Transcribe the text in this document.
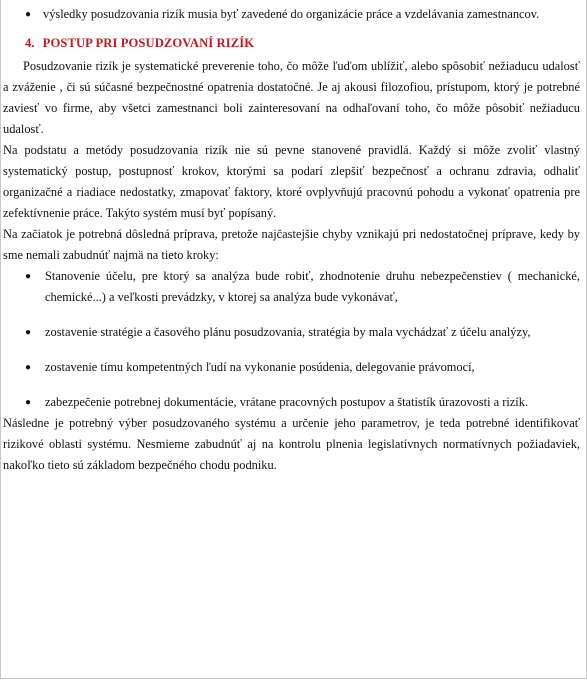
● výsledky posudzovania rizík musia byť zavedené do organizácie práce a vzdelávania zamestnancov.
4. POSTUP PRI POSUDZOVANÍ RIZÍK

Posudzovanie rizík je systematické preverenie toho, čo môže ľuďom ublížiť, alebo spôsobiť nežiaducu udalosť a zváženie , či sú súčasné bezpečnostné opatrenia dostatočné. Je aj akousi filozofiou, prístupom, ktorý je potrebné zaviesť vo firme, aby všetci zamestnanci boli zainteresovaní na odhaľovaní toho, čo môže pôsobiť nežiaducu udalosť.

Na podstatu a metódy posudzovania rizík nie sú pevne stanovené pravidlá. Každý si môže zvoliť vlastný systematický postup, postupnosť krokov, ktorými sa podarí zlepšiť bezpečnosť a ochranu zdravia, odhaliť organizačné a riadiace nedostatky, zmapovať faktory, ktoré ovplyvňujú pracovnú pohodu a vykonať opatrenia pre zefektívnenie práce. Takýto systém musí byť popísaný.

Na začiatok je potrebná dôsledná príprava, pretože najčastejšie chyby vznikajú pri nedostatočnej príprave, kedy by sme nemali zabudnúť najmä na tieto kroky:

● Stanovenie účelu, pre ktorý sa analýza bude robiť, zhodnotenie druhu nebezpečenstiev ( mechanické, chemické...) a veľkosti prevádzky, v ktorej sa analýza bude vykonávať,
● zostavenie stratégie a časového plánu posudzovania, stratégia by mala vychádzať z účelu analýzy,
● zostavenie tímu kompetentných ľudí na vykonanie posúdenia, delegovanie právomocí,
● zabezpečenie potrebnej dokumentácie, vrátane pracovných postupov a štatistík úrazovosti a rizík.

Následne je potrebný výber posudzovaného systému a určenie jeho parametrov, je teda potrebné identifikovať rizikové oblasti systému. Nesmieme zabudnúť aj na kontrolu plnenia legislatívnych normatívnych požiadaviek, nakoľko tieto sú základom bezpečného chodu podniku.
